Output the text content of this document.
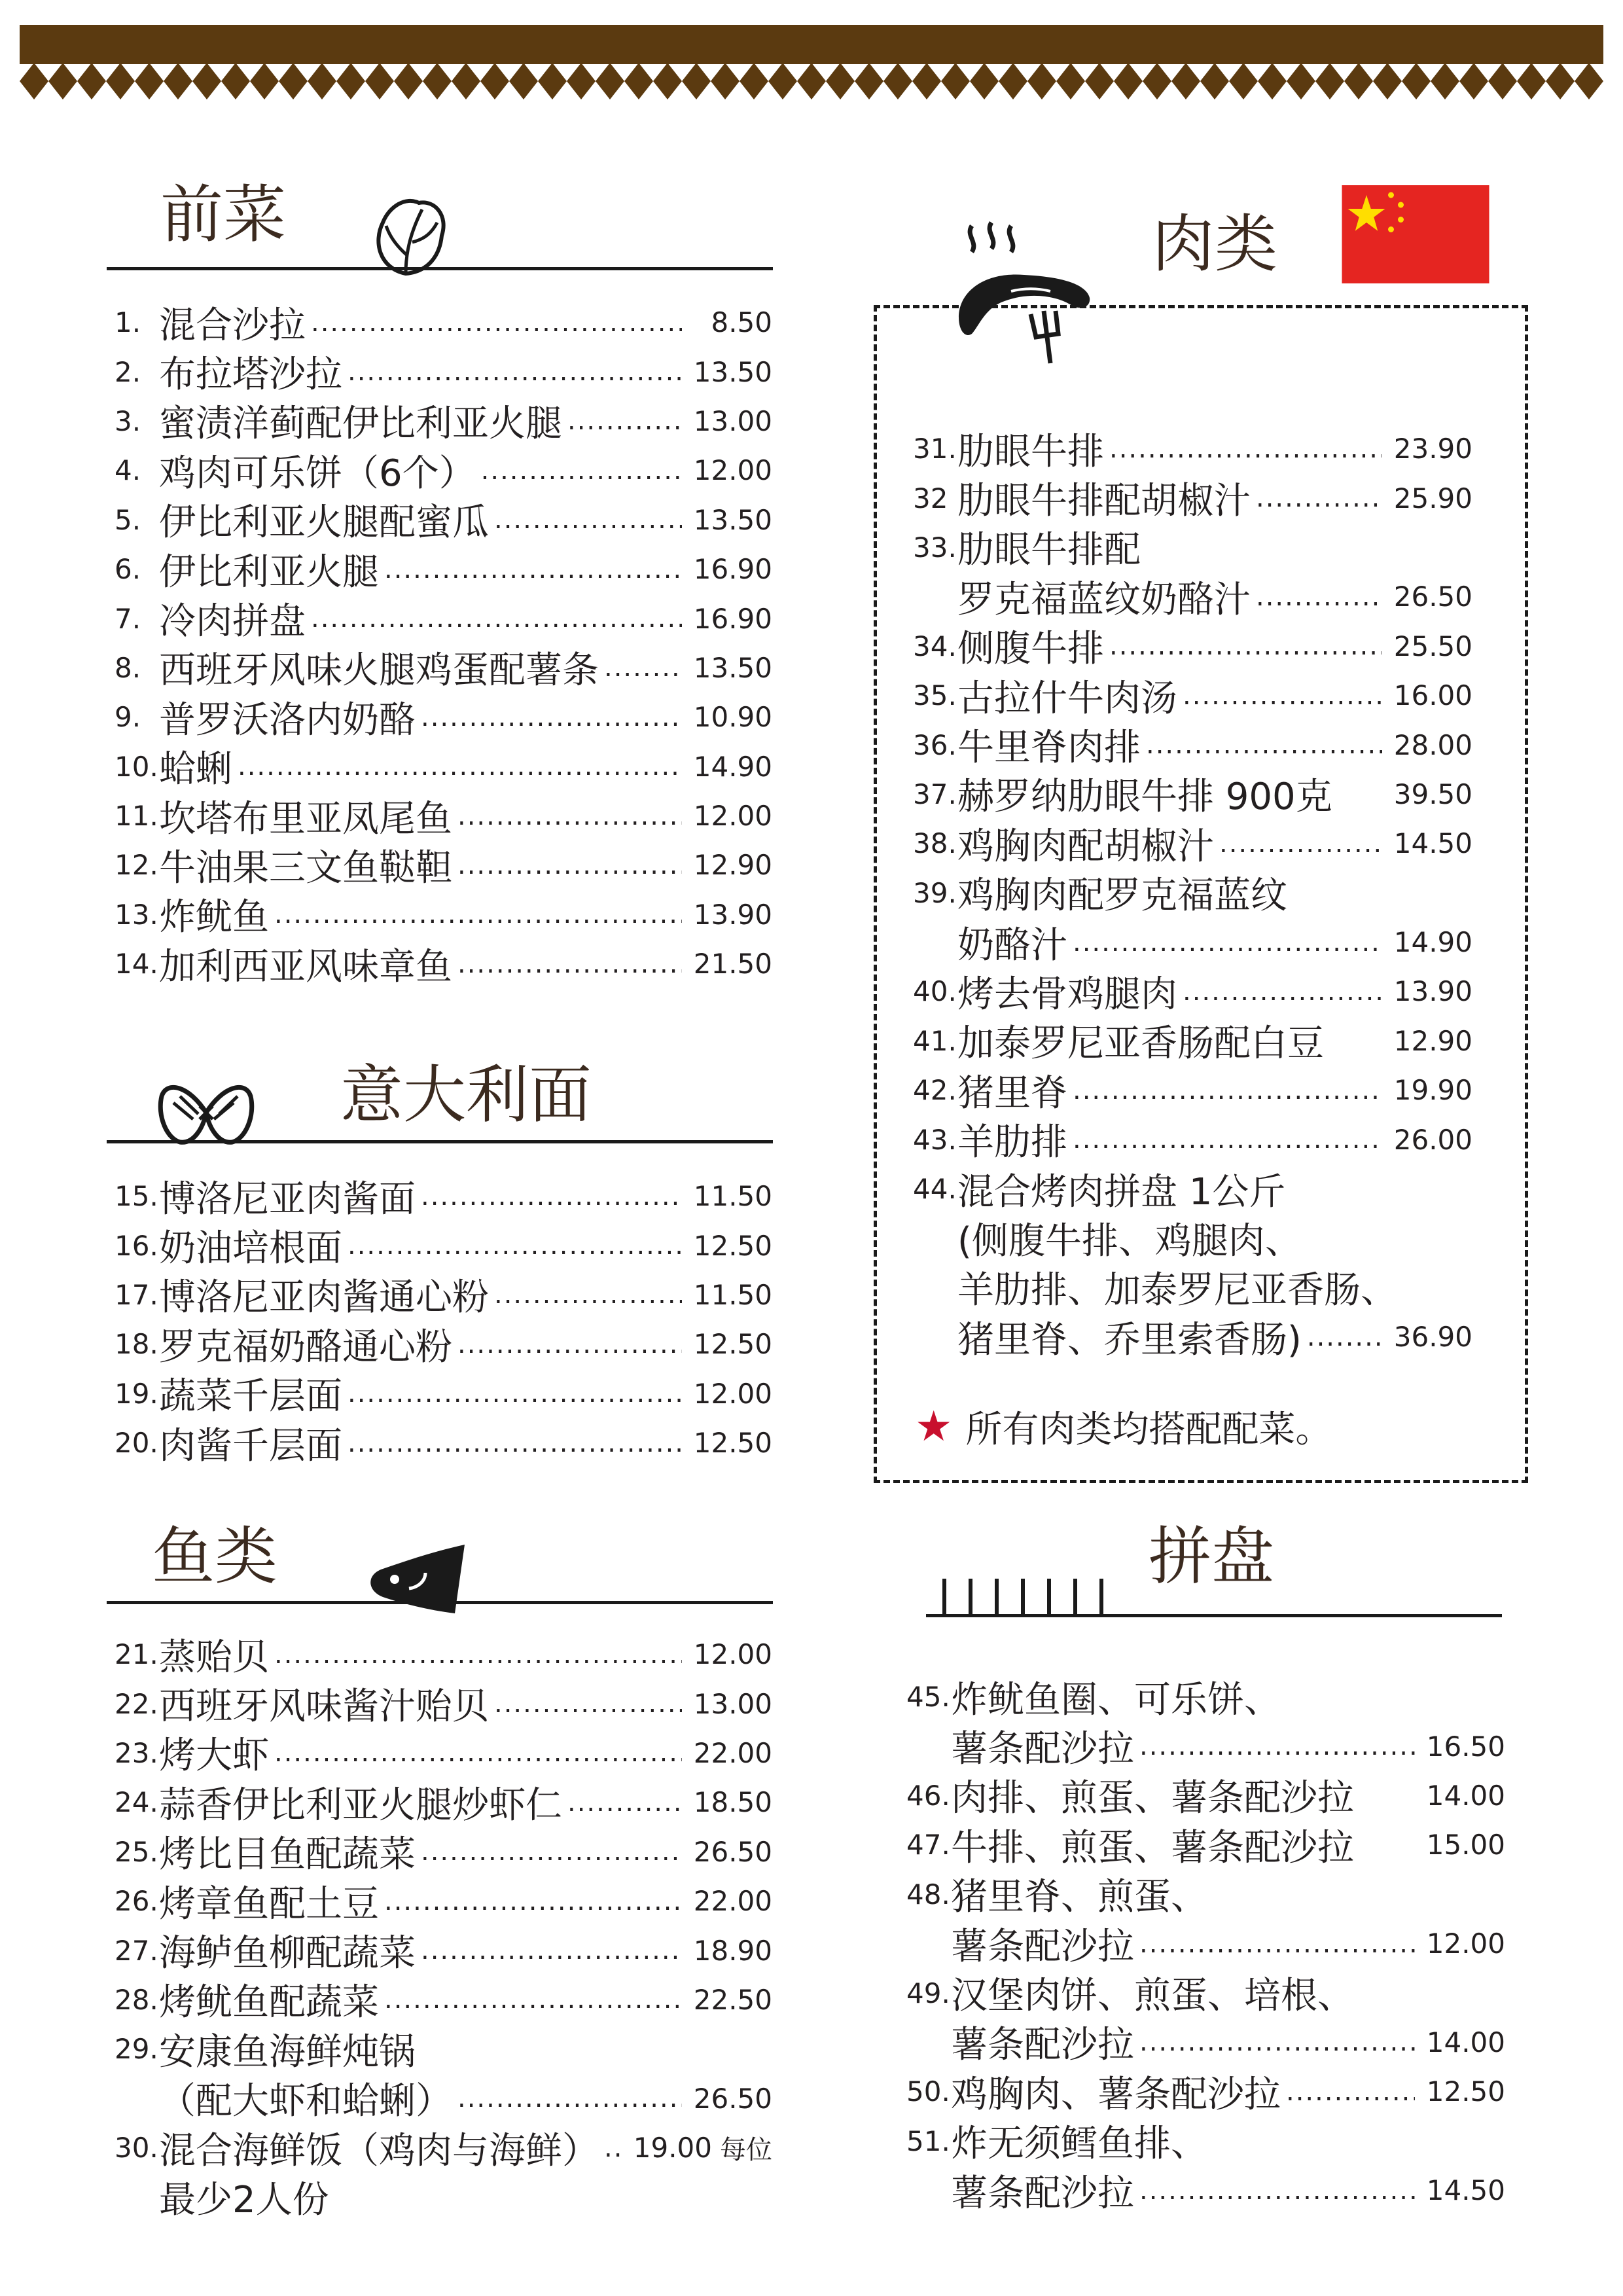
前菜
1. 混合沙拉 .....	8.50
2. 布拉塔沙拉 .....	13.50
3. 蜜渍洋蓟配伊比利亚火腿 .....	13.00
4. 鸡肉可乐饼（6个） .....	12.00
5. 伊比利亚火腿配蜜瓜 .....	13.50
6. 伊比利亚火腿 .....	16.90
7. 冷肉拼盘 .....	16.90
8. 西班牙风味火腿鸡蛋配薯条 .....	13.50
9. 普罗沃洛内奶酪 .....	10.90
10. 蛤蜊 .....	14.90
11. 坎塔布里亚凤尾鱼 .....	12.00
12. 牛油果三文鱼鞑靼 .....	12.90
13. 炸鱿鱼 .....	13.90
14. 加利西亚风味章鱼 .....	21.50
意大利面
15. 博洛尼亚肉酱面 .....	11.50
16. 奶油培根面 .....	12.50
17. 博洛尼亚肉酱通心粉 .....	11.50
18. 罗克福奶酪通心粉 .....	12.50
19. 蔬菜千层面 .....	12.00
20. 肉酱千层面 .....	12.50
鱼类
21. 蒸贻贝 .....	12.00
22. 西班牙风味酱汁贻贝 .....	13.00
23. 烤大虾 .....	22.00
24. 蒜香伊比利亚火腿炒虾仁 .....	18.50
25. 烤比目鱼配蔬菜 .....	26.50
26. 烤章鱼配土豆 .....	22.00
27. 海鲈鱼柳配蔬菜 .....	18.90
28. 烤鱿鱼配蔬菜 .....	22.50
29. 安康鱼海鲜炖锅
（配大虾和蛤蜊） .....	26.50
30. 混合海鲜饭（鸡肉与海鲜） ..... 19.00 每位
最少2人份
肉类
31. 肋眼牛排 .....	23.90
32 肋眼牛排配胡椒汁 .....	25.90
33. 肋眼牛排配
罗克福蓝纹奶酪汁 .....	26.50
34. 侧腹牛排 .....	25.50
35. 古拉什牛肉汤 .....	16.00
36. 牛里脊肉排 .....	28.00
37. 赫罗纳肋眼牛排 900克 39.50
38. 鸡胸肉配胡椒汁 .....	14.50
39. 鸡胸肉配罗克福蓝纹
奶酪汁 .....	14.90
40. 烤去骨鸡腿肉 .....	13.90
41. 加泰罗尼亚香肠配白豆	12.90
42. 猪里脊 .....	19.90
43. 羊肋排 .....	26.00
44. 混合烤肉拼盘 1公斤
(侧腹牛排、鸡腿肉、
羊肋排、加泰罗尼亚香肠、
猪里脊、乔里索香肠) .....	36.90
★ 所有肉类均搭配配菜。
拼盘
45. 炸鱿鱼圈、可乐饼、
薯条配沙拉 .....	16.50
46. 肉排、煎蛋、薯条配沙拉	14.00
47. 牛排、煎蛋、薯条配沙拉	15.00
48. 猪里脊、煎蛋、
薯条配沙拉 .....	12.00
49. 汉堡肉饼、煎蛋、培根、
薯条配沙拉 .....	14.00
50. 鸡胸肉、薯条配沙拉 .....	12.50
51. 炸无须鳕鱼排、
薯条配沙拉 .....	14.50
